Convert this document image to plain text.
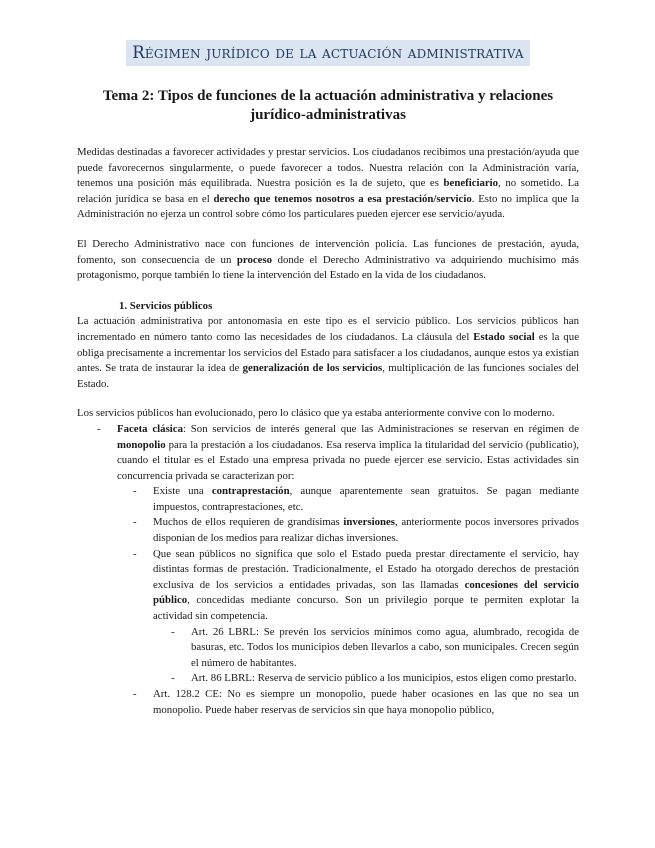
Régimen jurídico de la actuación administrativa
Tema 2: Tipos de funciones de la actuación administrativa y relaciones jurídico-administrativas

Medidas destinadas a favorecer actividades y prestar servicios. Los ciudadanos recibimos una prestación/ayuda que puede favorecernos singularmente, o puede favorecer a todos. Nuestra relación con la Administración varía, tenemos una posición más equilibrada. Nuestra posición es la de sujeto, que es beneficiario, no sometido. La relación jurídica se basa en el derecho que tenemos nosotros a esa prestación/servicio. Esto no implica que la Administración no ejerza un control sobre cómo los particulares pueden ejercer ese servicio/ayuda.

El Derecho Administrativo nace con funciones de intervención policía. Las funciones de prestación, ayuda, fomento, son consecuencia de un proceso donde el Derecho Administrativo va adquiriendo muchísimo más protagonismo, porque también lo tiene la intervención del Estado en la vida de los ciudadanos.

1. Servicios públicos

La actuación administrativa por antonomasia en este tipo es el servicio público. Los servicios públicos han incrementado en número tanto como las necesidades de los ciudadanos. La cláusula del Estado social es la que obliga precisamente a incrementar los servicios del Estado para satisfacer a los ciudadanos, aunque estos ya existían antes. Se trata de instaurar la idea de generalización de los servicios, multiplicación de las funciones sociales del Estado.

Los servicios públicos han evolucionado, pero lo clásico que ya estaba anteriormente convive con lo moderno.

- Faceta clásica: Son servicios de interés general que las Administraciones se reservan en régimen de monopolio para la prestación a los ciudadanos. Esa reserva implica la titularidad del servicio (publicatio), cuando el titular es el Estado una empresa privada no puede ejercer ese servicio. Estas actividades sin concurrencia privada se caracterizan por:
- Existe una contraprestación, aunque aparentemente sean gratuitos. Se pagan mediante impuestos, contraprestaciones, etc.
- Muchos de ellos requieren de grandísimas inversiones, anteriormente pocos inversores privados disponían de los medios para realizar dichas inversiones.
- Que sean públicos no significa que solo el Estado pueda prestar directamente el servicio, hay distintas formas de prestación. Tradicionalmente, el Estado ha otorgado derechos de prestación exclusiva de los servicios a entidades privadas, son las llamadas concesiones del servicio público, concedidas mediante concurso. Son un privilegio porque te permiten explotar la actividad sin competencia.
- Art. 26 LBRL: Se prevén los servicios mínimos como agua, alumbrado, recogida de basuras, etc. Todos los municipios deben llevarlos a cabo, son municipales. Crecen según el número de habitantes.
- Art. 86 LBRL: Reserva de servicio público a los municipios, estos eligen como prestarlo.
- Art. 128.2 CE: No es siempre un monopolio, puede haber ocasiones en las que no sea un monopolio. Puede haber reservas de servicios sin que haya monopolio público,
